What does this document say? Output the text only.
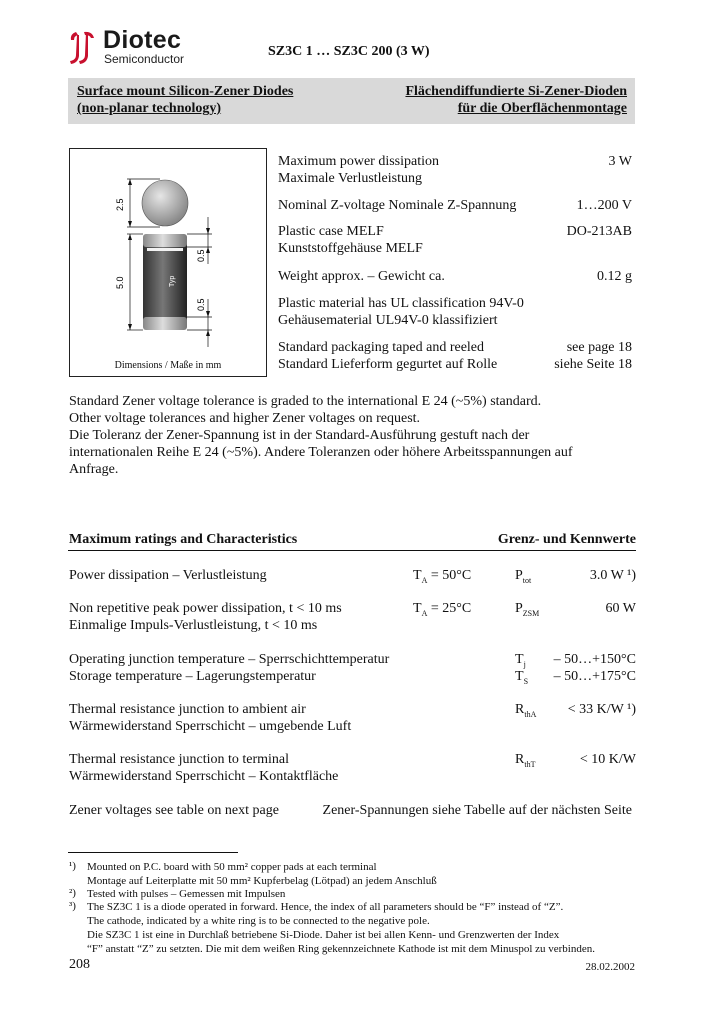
Diotec
Semiconductor	SZ3C 1 … SZ3C 200 (3 W)
Surface mount Silicon-Zener Diodes
(non-planar technology)
Flächendiffundierte Si-Zener-Dioden
für die Oberflächenmontage
2.5
5.0
0.5
0.5
Typ
Dimensions / Maße in mm
Maximum power dissipation
Maximale Verlustleistung
3 W
Nominal Z-voltage Nominale Z-Spannung	1…200 V
Plastic case MELF
Kunststoffgehäuse MELF
DO-213AB
Weight approx. – Gewicht ca.	0.12 g
Plastic material has UL classification 94V-0
Gehäusematerial UL94V-0 klassifiziert
Standard packaging taped and reeled
Standard Lieferform gegurtet auf Rolle
see page 18
siehe Seite 18
Standard Zener voltage tolerance is graded to the international E 24 (~5%) standard.
Other voltage tolerances and higher Zener voltages on request.
Die Toleranz der Zener-Spannung ist in der Standard-Ausführung gestuft nach der
internationalen Reihe E 24 (~5%). Andere Toleranzen oder höhere Arbeitsspannungen auf
Anfrage.
Maximum ratings and Characteristics	Grenz- und Kennwerte
Power dissipation – Verlustleistung	$T_A = 50^\circ C$	$P_{tot}$	3.0 W ¹)
Non repetitive peak power dissipation, t < 10 ms
Einmalige Impuls-Verlustleistung, t < 10 ms
$T_A = 25^\circ C$	$P_{ZSM}$	60 W
Operating junction temperature – Sperrschichttemperatur	$T_j$ – 50…+150°C
Storage temperature – Lagerungstemperatur	$T_S$ – 50…+175°C
Thermal resistance junction to ambient air
Wärmewiderstand Sperrschicht – umgebende Luft
$R_{thA} < 33$ K/W ¹)
Thermal resistance junction to terminal
Wärmewiderstand Sperrschicht – Kontaktfläche
$R_{thT}$	< 10 K/W
Zener voltages see table on next page	Zener-Spannungen siehe Tabelle auf der nächsten Seite
¹) Mounted on P.C. board with 50 mm² copper pads at each terminal
Montage auf Leiterplatte mit 50 mm² Kupferbelag (Lötpad) an jedem Anschluß
²) Tested with pulses – Gemessen mit Impulsen
³) The SZ3C 1 is a diode operated in forward. Hence, the index of all parameters should be “F” instead of “Z”.
The cathode, indicated by a white ring is to be connected to the negative pole.
Die SZ3C 1 ist eine in Durchlaß betriebene Si-Diode. Daher ist bei allen Kenn- und Grenzwerten der Index
“F” anstatt “Z” zu setzten. Die mit dem weißen Ring gekennzeichnete Kathode ist mit dem Minuspol zu verbinden.
208	28.02.2002
